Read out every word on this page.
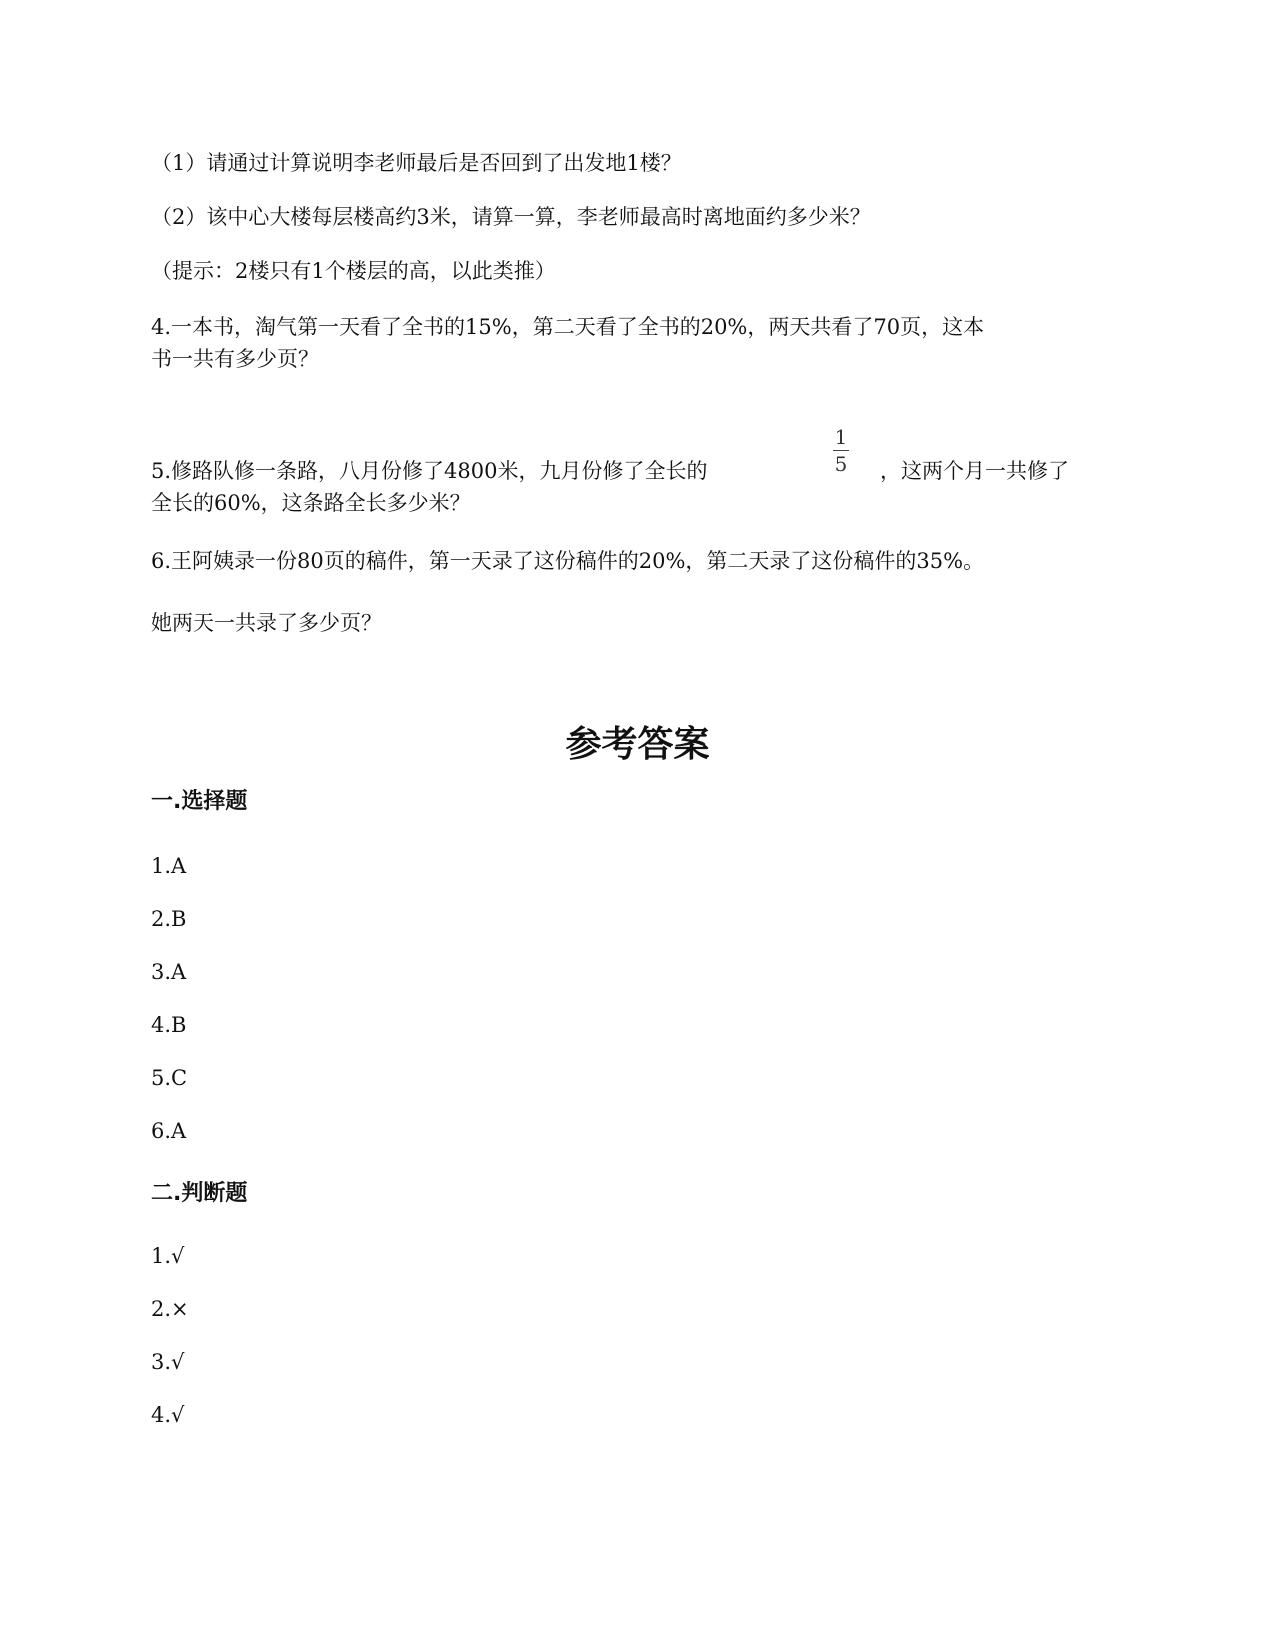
（1）请通过计算说明李老师最后是否回到了出发地1楼？
（2）该中心大楼每层楼高约3米，请算一算，李老师最高时离地面约多少米？
（提示：2楼只有1个楼层的高，以此类推）
4.一本书，淘气第一天看了全书的15%，第二天看了全书的20%，两天共看了70页，这本
书一共有多少页？
5.修路队修一条路，八月份修了4800米，九月份修了全长的
1
5	，这两个月一共修了
全长的60%，这条路全长多少米？
6.王阿姨录一份80页的稿件，第一天录了这份稿件的20%，第二天录了这份稿件的35%。
她两天一共录了多少页？
参考答案
一.选择题
1.A
2.B
3.A
4.B
5.C
6.A
二.判断题
1.√
2.×
3.√
4.√
